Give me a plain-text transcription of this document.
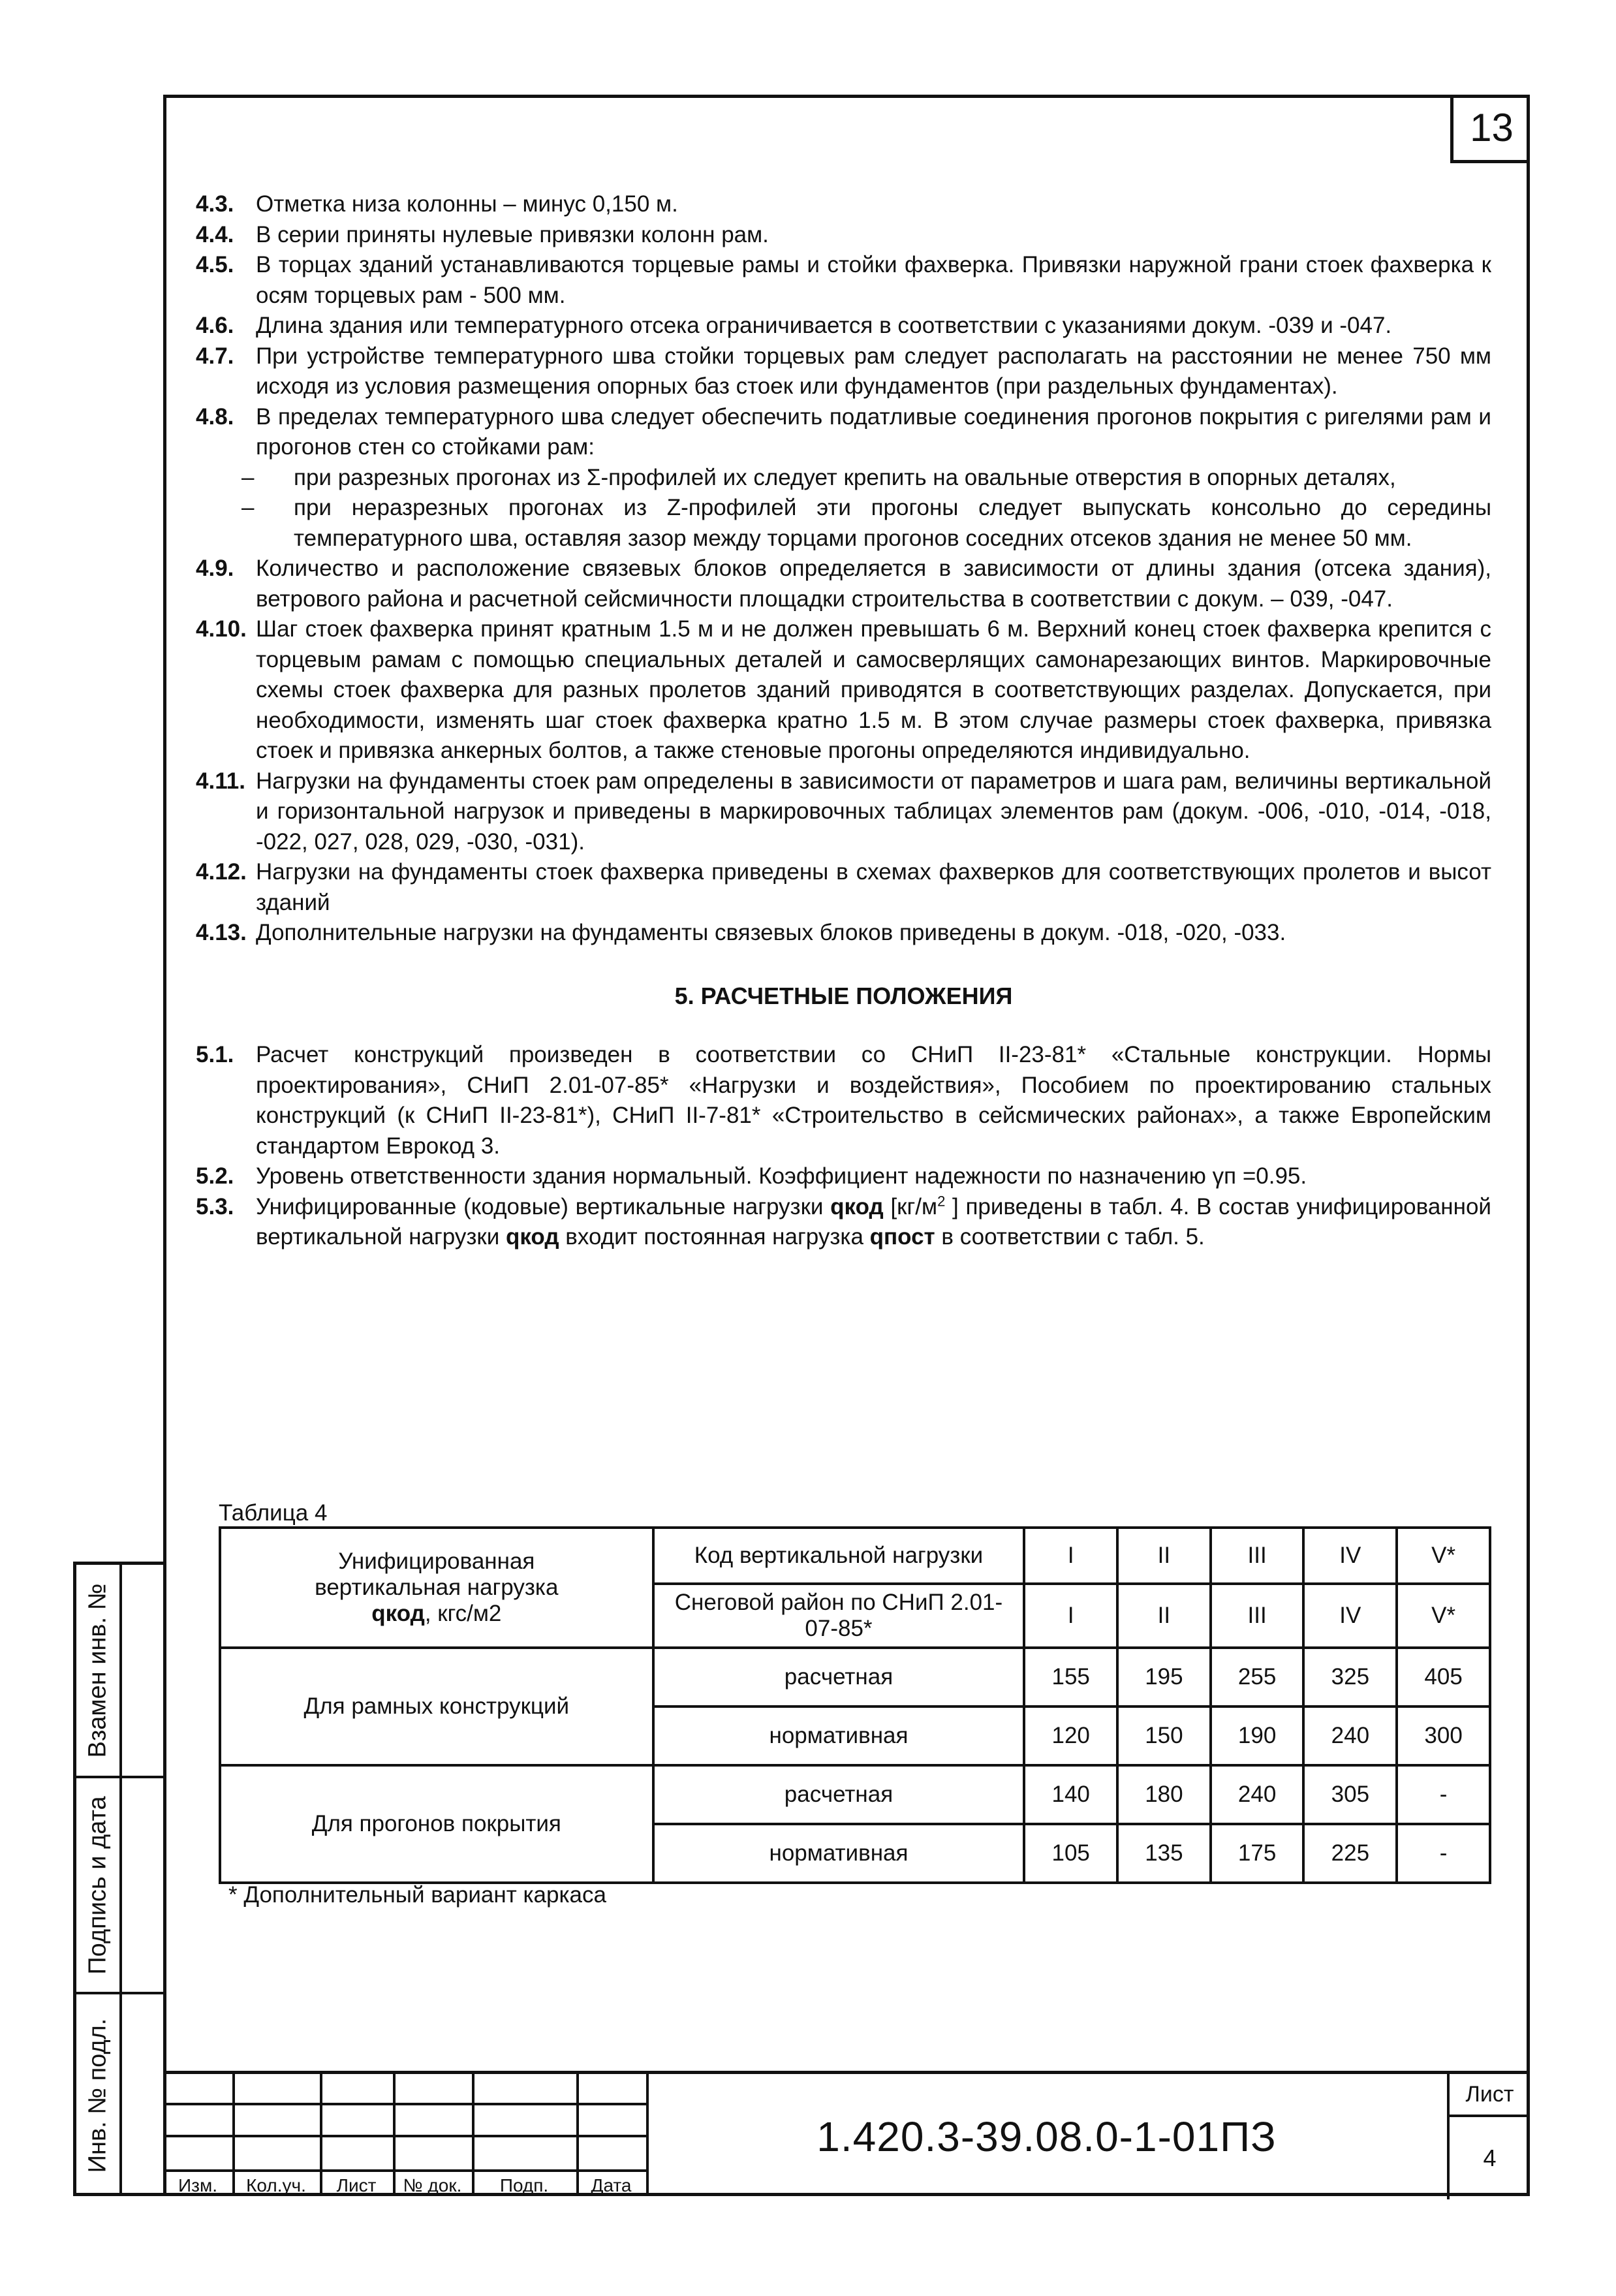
13
Взамен инв. №
Подпись и дата
Инв. № подл.
4.3. Отметка низа колонны – минус 0,150 м.
4.4. В серии приняты нулевые привязки колонн рам.
4.5. В торцах зданий устанавливаются торцевые рамы и стойки фахверка. Привязки наружной грани стоек фахверка к осям торцевых рам - 500 мм.
4.6. Длина здания или температурного отсека ограничивается в соответствии с указаниями докум. -039 и -047.
4.7. При устройстве температурного шва стойки торцевых рам следует располагать на расстоянии не менее 750 мм исходя из условия размещения опорных баз стоек или фундаментов (при раздельных фундаментах).
4.8. В пределах температурного шва следует обеспечить податливые соединения прогонов покрытия с ригелями рам и прогонов стен со стойками рам:
– при разрезных прогонах из Σ-профилей их следует крепить на овальные отверстия в опорных деталях,
– при неразрезных прогонах из Z-профилей эти прогоны следует выпускать консольно до середины температурного шва, оставляя зазор между торцами прогонов соседних отсеков здания не менее 50 мм.
4.9. Количество и расположение связевых блоков определяется в зависимости от длины здания (отсека здания), ветрового района и расчетной сейсмичности площадки строительства в соответствии с докум. – 039, -047.
4.10. Шаг стоек фахверка принят кратным 1.5 м и не должен превышать 6 м. Верхний конец стоек фахверка крепится с торцевым рамам с помощью специальных деталей и самосверлящих самонарезающих винтов. Маркировочные схемы стоек фахверка для разных пролетов зданий приводятся в соответствующих разделах. Допускается, при необходимости, изменять шаг стоек фахверка кратно 1.5 м. В этом случае размеры стоек фахверка, привязка стоек и привязка анкерных болтов, а также стеновые прогоны определяются индивидуально.
4.11. Нагрузки на фундаменты стоек рам определены в зависимости от параметров и шага рам, величины вертикальной и горизонтальной нагрузок и приведены в маркировочных таблицах элементов рам (докум. -006, -010, -014, -018, -022, 027, 028, 029, -030, -031).
4.12. Нагрузки на фундаменты стоек фахверка приведены в схемах фахверков для соответствующих пролетов и высот зданий
4.13. Дополнительные нагрузки на фундаменты связевых блоков приведены в докум. -018, -020, -033.
5. РАСЧЕТНЫЕ ПОЛОЖЕНИЯ
5.1. Расчет конструкций произведен в соответствии со СНиП II-23-81* «Стальные конструкции. Нормы проектирования», СНиП 2.01-07-85* «Нагрузки и воздействия», Пособием по проектированию стальных конструкций (к СНиП II-23-81*), СНиП II-7-81* «Строительство в сейсмических районах», а также Европейским стандартом Еврокод 3.
5.2. Уровень ответственности здания нормальный. Коэффициент надежности по назначению γп =0.95.
5.3. Унифицированные (кодовые) вертикальные нагрузки qкод [$кг/м^2$ ] приведены в табл. 4. В состав унифицированной вертикальной нагрузки qкод входит постоянная нагрузка qпост в соответствии с табл. 5.
Таблица 4
Унифицированная
вертикальная нагрузка
qкод, кгс/м2	Код вертикальной нагрузки	I	II	III	IV	V*
	Снеговой район по СНиП 2.01-07-85*	I	II	III	IV	V*
Для рамных конструкций	расчетная	155	195	255	325	405
	нормативная	120	150	190	240	300
Для прогонов покрытия	расчетная	140	180	240	305	-
	нормативная	105	135	175	225	-
* Дополнительный вариант каркаса
Изм.	Кол.уч.	Лист	№ док.	Подп.	Дата
1.420.3-39.08.0-1-01ПЗ
Лист
4
